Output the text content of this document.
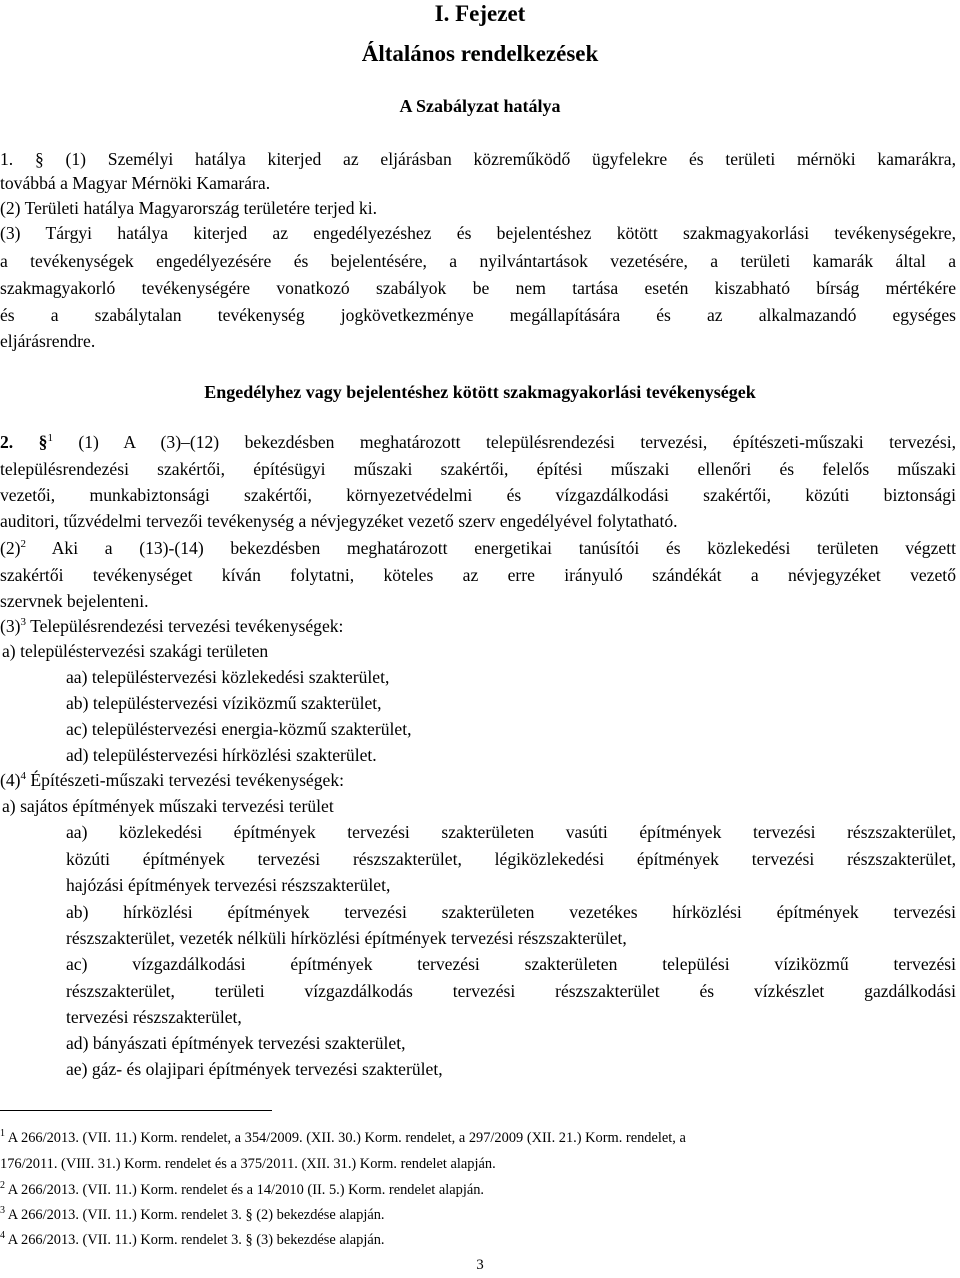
I. Fejezet
Általános rendelkezések
A Szabályzat hatálya
1. § (1) Személyi hatálya kiterjed az eljárásban közreműködő ügyfelekre és területi mérnöki kamarákra,
továbbá a Magyar Mérnöki Kamarára.
(2) Területi hatálya Magyarország területére terjed ki.
(3) Tárgyi hatálya kiterjed az engedélyezéshez és bejelentéshez kötött szakmagyakorlási tevékenységekre,
a tevékenységek engedélyezésére és bejelentésére, a nyilvántartások vezetésére, a területi kamarák által a
szakmagyakorló tevékenységére vonatkozó szabályok be nem tartása esetén kiszabható bírság mértékére
és a szabálytalan tevékenység jogkövetkezménye megállapítására és az alkalmazandó egységes
eljárásrendre.
Engedélyhez vagy bejelentéshez kötött szakmagyakorlási tevékenységek
2. §$^1$ (1) A (3)–(12) bekezdésben meghatározott településrendezési tervezési, építészeti-műszaki tervezési,
településrendezési szakértői, építésügyi műszaki szakértői, építési műszaki ellenőri és felelős műszaki
vezetői, munkabiztonsági szakértői, környezetvédelmi és vízgazdálkodási szakértői, közúti biztonsági
auditori, tűzvédelmi tervezői tevékenység a névjegyzéket vezető szerv engedélyével folytatható.
$(2)^2$ Aki a (13)-(14) bekezdésben meghatározott energetikai tanúsítói és közlekedési területen végzett
szakértői tevékenységet kíván folytatni, köteles az erre irányuló szándékát a névjegyzéket vezető
szervnek bejelenteni.
$(3)^3$ Településrendezési tervezési tevékenységek:
a) településtervezési szakági területen
aa) településtervezési közlekedési szakterület,
ab) településtervezési víziközmű szakterület,
ac) településtervezési energia-közmű szakterület,
ad) településtervezési hírközlési szakterület.
$(4)^4$ Építészeti-műszaki tervezési tevékenységek:
a) sajátos építmények műszaki tervezési terület
aa) közlekedési építmények tervezési szakterületen vasúti építmények tervezési részszakterület,
közúti építmények tervezési részszakterület, légiközlekedési építmények tervezési részszakterület,
hajózási építmények tervezési részszakterület,
ab) hírközlési építmények tervezési szakterületen vezetékes hírközlési építmények tervezési
részszakterület, vezeték nélküli hírközlési építmények tervezési részszakterület,
ac) vízgazdálkodási építmények tervezési szakterületen települési víziközmű tervezési
részszakterület, területi vízgazdálkodás tervezési részszakterület és vízkészlet gazdálkodási
tervezési részszakterület,
ad) bányászati építmények tervezési szakterület,
ae) gáz- és olajipari építmények tervezési szakterület,
$^1$ A 266/2013. (VII. 11.) Korm. rendelet, a 354/2009. (XII. 30.) Korm. rendelet, a 297/2009 (XII. 21.) Korm. rendelet, a
176/2011. (VIII. 31.) Korm. rendelet és a 375/2011. (XII. 31.) Korm. rendelet alapján.
$^2$ A 266/2013. (VII. 11.) Korm. rendelet és a 14/2010 (II. 5.) Korm. rendelet alapján.
$^3$ A 266/2013. (VII. 11.) Korm. rendelet 3. § (2) bekezdése alapján.
$^4$ A 266/2013. (VII. 11.) Korm. rendelet 3. § (3) bekezdése alapján.
3
